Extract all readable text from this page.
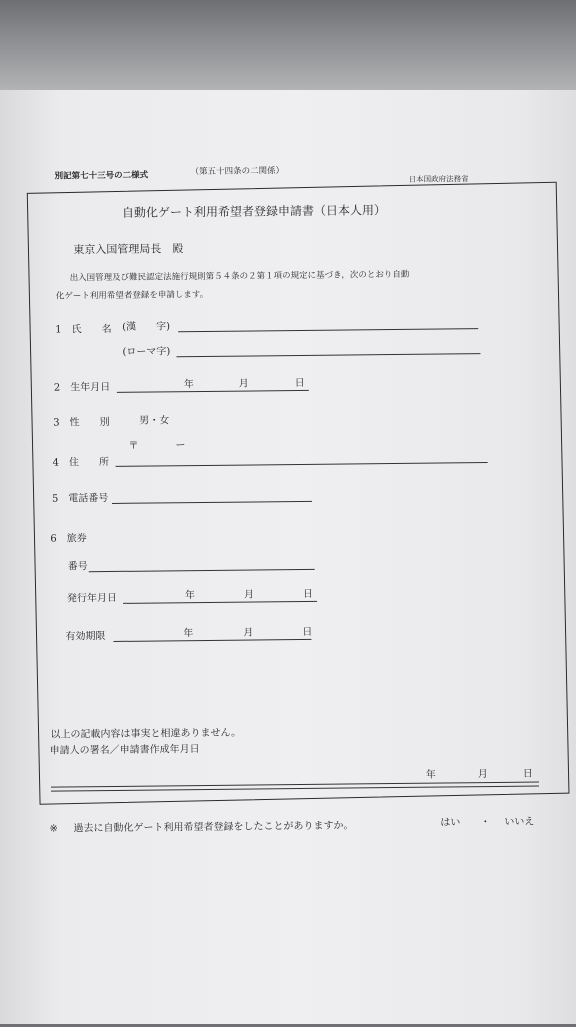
別記第七十三号の二様式	（第五十四条の二関係）
日本国政府法務省
自動化ゲート利用希望者登録申請書（日本人用）
東京入国管理局長　殿
出入国管理及び難民認定法施行規則第５４条の２第１項の規定に基づき，次のとおり自動
化ゲート利用希望者登録を申請します。
1　氏　　名 (漢　　字)
(ローマ字)
2　生年月日	年	月	日
3　性　　別	男・女
〒	ー
4　住　　所
5　電話番号
6　旅券
番号
発行年月日	年	月	日
有効期限	年	月	日
以上の記載内容は事実と相違ありません。
申請人の署名／申請書作成年月日
年	月	日
※ 過去に自動化ゲート利用希望者登録をしたことがありますか。	はい ・ いいえ
